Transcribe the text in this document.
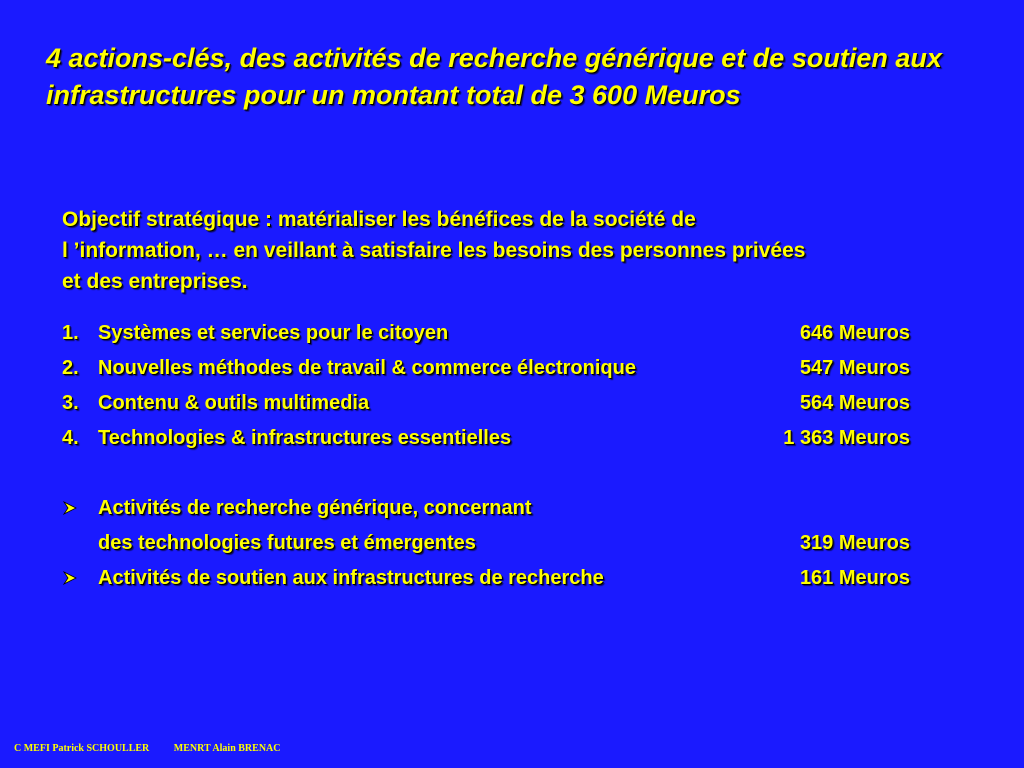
4 actions-clés, des activités de recherche générique et de soutien aux infrastructures pour un montant total de 3 600 Meuros

Objectif stratégique : matérialiser les bénéfices de la société de
l ’information, … en veillant à satisfaire les besoins des personnes privées
et des entreprises.

1. Systèmes et services pour le citoyen	646 Meuros
2. Nouvelles méthodes de travail & commerce électronique	547 Meuros
3. Contenu & outils multimedia	564 Meuros
4. Technologies & infrastructures essentielles	1 363 Meuros
Activités de recherche générique, concernant
des technologies futures et émergentes	319 Meuros
Activités de soutien aux infrastructures de recherche	161 Meuros
C MEFI Patrick SCHOULLER MENRT Alain BRENAC
